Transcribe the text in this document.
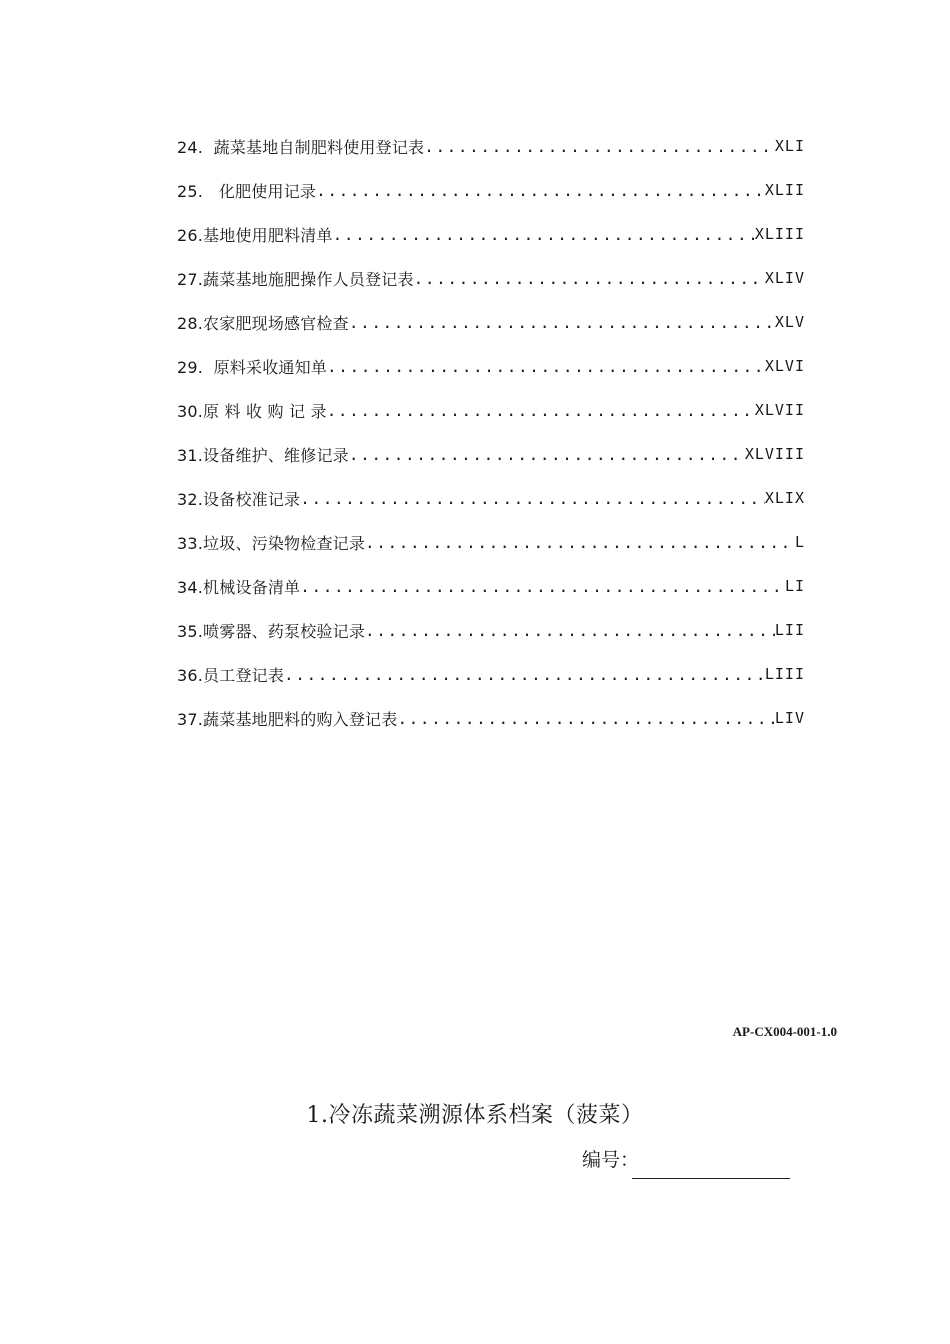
24.  蔬菜基地自制肥料使用登记表 .....	XLI
25.   化肥使用记录 .....	XLII
26.基地使用肥料清单 .....	XLIII
27.蔬菜基地施肥操作人员登记表 .....	XLIV
28.农家肥现场感官检查 .....	XLV
29.  原料采收通知单 .....	XLVI
30.原 料 收 购 记 录 .....	XLVII
31.设备维护、维修记录 .....	XLVIII
32.设备校准记录 .....	XLIX
33.垃圾、污染物检查记录 .....	L
34.机械设备清单 .....	LI
35.喷雾器、药泵校验记录 .....	LII
36.员工登记表 .....	LIII
37.蔬菜基地肥料的购入登记表 .....	LIV
AP-CX004-001-1.0
1.冷冻蔬菜溯源体系档案（菠菜）
编号：
